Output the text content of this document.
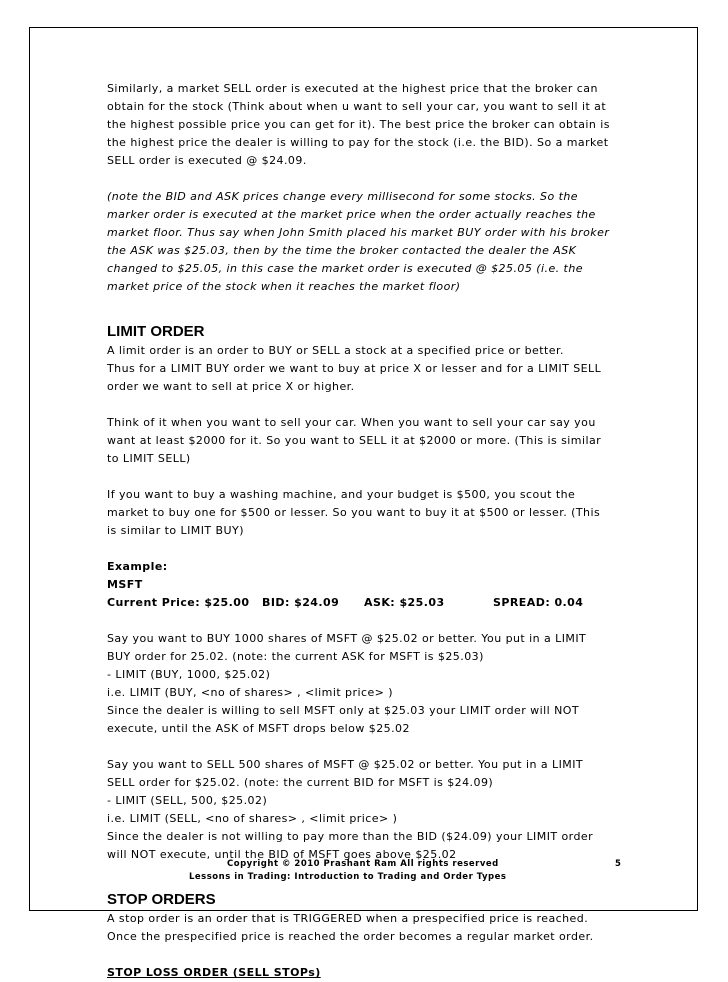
Similarly, a market SELL order is executed at the highest price that the broker can

obtain for the stock (Think about when u want to sell your car, you want to sell it at

the highest possible price you can get for it). The best price the broker can obtain is

the highest price the dealer is willing to pay for the stock (i.e. the BID). So a market

SELL order is executed @ $24.09.

(note the BID and ASK prices change every millisecond for some stocks. So the

marker order is executed at the market price when the order actually reaches the

market floor. Thus say when John Smith placed his market BUY order with his broker

the ASK was $25.03, then by the time the broker contacted the dealer the ASK

changed to $25.05, in this case the market order is executed @ $25.05 (i.e. the

market price of the stock when it reaches the market floor)

LIMIT ORDER

A limit order is an order to BUY or SELL a stock at a specified price or better.

Thus for a LIMIT BUY order we want to buy at price X or lesser and for a LIMIT SELL

order we want to sell at price X or higher.

Think of it when you want to sell your car. When you want to sell your car say you

want at least $2000 for it. So you want to SELL it at $2000 or more. (This is similar

to LIMIT SELL)

If you want to buy a washing machine, and your budget is $500, you scout the

market to buy one for $500 or lesser. So you want to buy it at $500 or lesser. (This

is similar to LIMIT BUY)

Example:

MSFT

Current Price: $25.00 BID: $24.09 ASK: $25.03	SPREAD: 0.04

Say you want to BUY 1000 shares of MSFT @ $25.02 or better. You put in a LIMIT

BUY order for 25.02. (note: the current ASK for MSFT is $25.03)

- LIMIT (BUY, 1000, $25.02)

i.e. LIMIT (BUY, <no of shares> , <limit price> )

Since the dealer is willing to sell MSFT only at $25.03 your LIMIT order will NOT

execute, until the ASK of MSFT drops below $25.02

Say you want to SELL 500 shares of MSFT @ $25.02 or better. You put in a LIMIT

SELL order for $25.02. (note: the current BID for MSFT is $24.09)

- LIMIT (SELL, 500, $25.02)

i.e. LIMIT (SELL, <no of shares> , <limit price> )

Since the dealer is not willing to pay more than the BID ($24.09) your LIMIT order

will NOT execute, until the BID of MSFT goes above $25.02

STOP ORDERS

A stop order is an order that is TRIGGERED when a prespecified price is reached.

Once the prespecified price is reached the order becomes a regular market order.

STOP LOSS ORDER (SELL STOPs)

Copyright © 2010 Prashant Ram All rights reserved	5

Lessons in Trading: Introduction to Trading and Order Types
